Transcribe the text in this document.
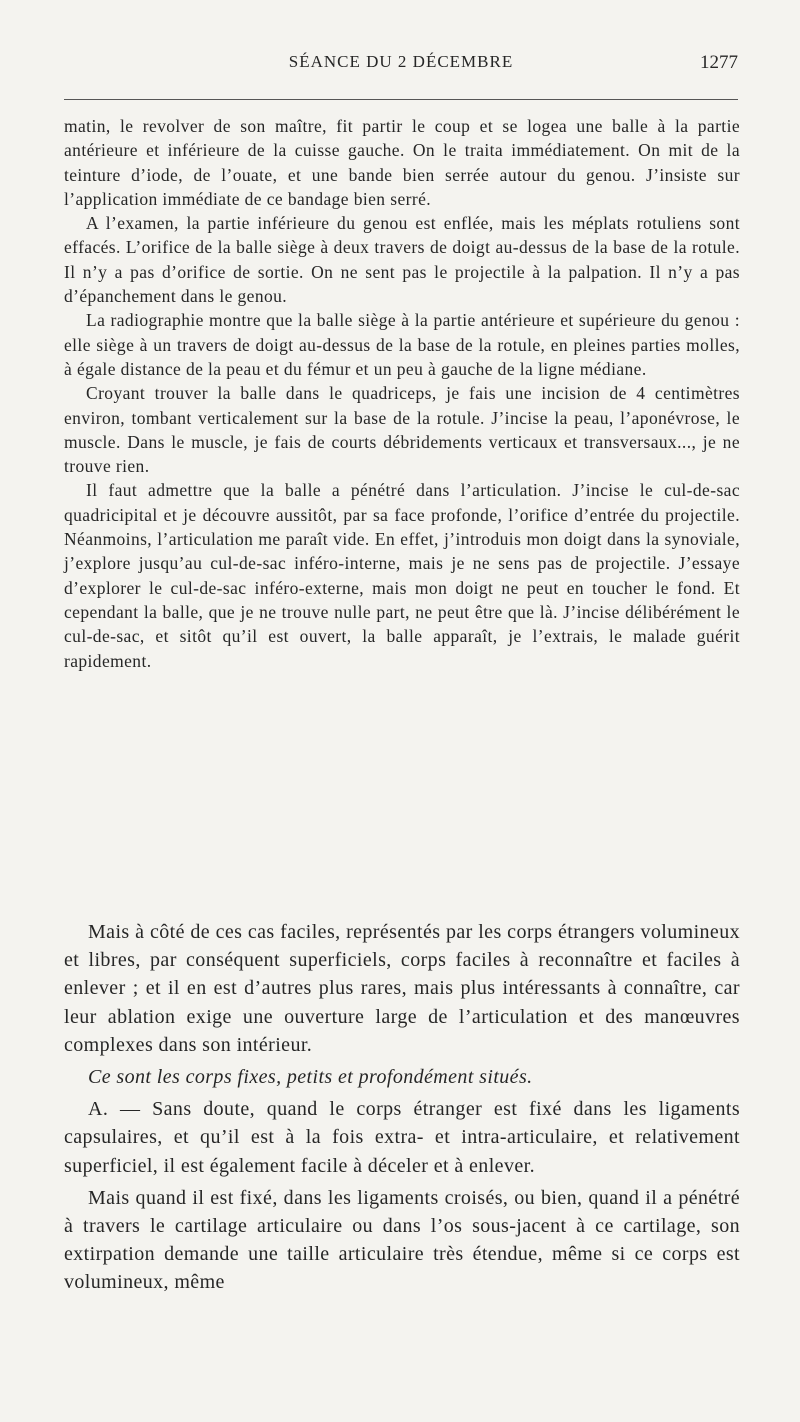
SÉANCE DU 2 DÉCEMBRE	1277

matin, le revolver de son maître, fit partir le coup et se logea une balle à la partie antérieure et inférieure de la cuisse gauche. On le traita immédiatement. On mit de la teinture d’iode, de l’ouate, et une bande bien serrée autour du genou. J’insiste sur l’application immédiate de ce bandage bien serré.

A l’examen, la partie inférieure du genou est enflée, mais les méplats rotuliens sont effacés. L’orifice de la balle siège à deux travers de doigt au-dessus de la base de la rotule. Il n’y a pas d’orifice de sortie. On ne sent pas le projectile à la palpation. Il n’y a pas d’épanchement dans le genou.

La radiographie montre que la balle siège à la partie antérieure et supérieure du genou : elle siège à un travers de doigt au-dessus de la base de la rotule, en pleines parties molles, à égale distance de la peau et du fémur et un peu à gauche de la ligne médiane.

Croyant trouver la balle dans le quadriceps, je fais une incision de 4 centimètres environ, tombant verticalement sur la base de la rotule. J’incise la peau, l’aponévrose, le muscle. Dans le muscle, je fais de courts débridements verticaux et transversaux..., je ne trouve rien.

Il faut admettre que la balle a pénétré dans l’articulation. J’incise le cul-de-sac quadricipital et je découvre aussitôt, par sa face profonde, l’orifice d’entrée du projectile. Néanmoins, l’articulation me paraît vide. En effet, j’introduis mon doigt dans la synoviale, j’explore jusqu’au cul-de-sac inféro-interne, mais je ne sens pas de projectile. J’essaye d’explorer le cul-de-sac inféro-externe, mais mon doigt ne peut en toucher le fond. Et cependant la balle, que je ne trouve nulle part, ne peut être que là. J’incise délibérément le cul-de-sac, et sitôt qu’il est ouvert, la balle apparaît, je l’extrais, le malade guérit rapidement.

Mais à côté de ces cas faciles, représentés par les corps étrangers volumineux et libres, par conséquent superficiels, corps faciles à reconnaître et faciles à enlever ; et il en est d’autres plus rares, mais plus intéressants à connaître, car leur ablation exige une ouverture large de l’articulation et des manœuvres complexes dans son intérieur.

Ce sont les corps fixes, petits et profondément situés.

A. — Sans doute, quand le corps étranger est fixé dans les ligaments capsulaires, et qu’il est à la fois extra- et intra-articulaire, et relativement superficiel, il est également facile à déceler et à enlever.

Mais quand il est fixé, dans les ligaments croisés, ou bien, quand il a pénétré à travers le cartilage articulaire ou dans l’os sous-jacent à ce cartilage, son extirpation demande une taille articulaire très étendue, même si ce corps est volumineux, même
